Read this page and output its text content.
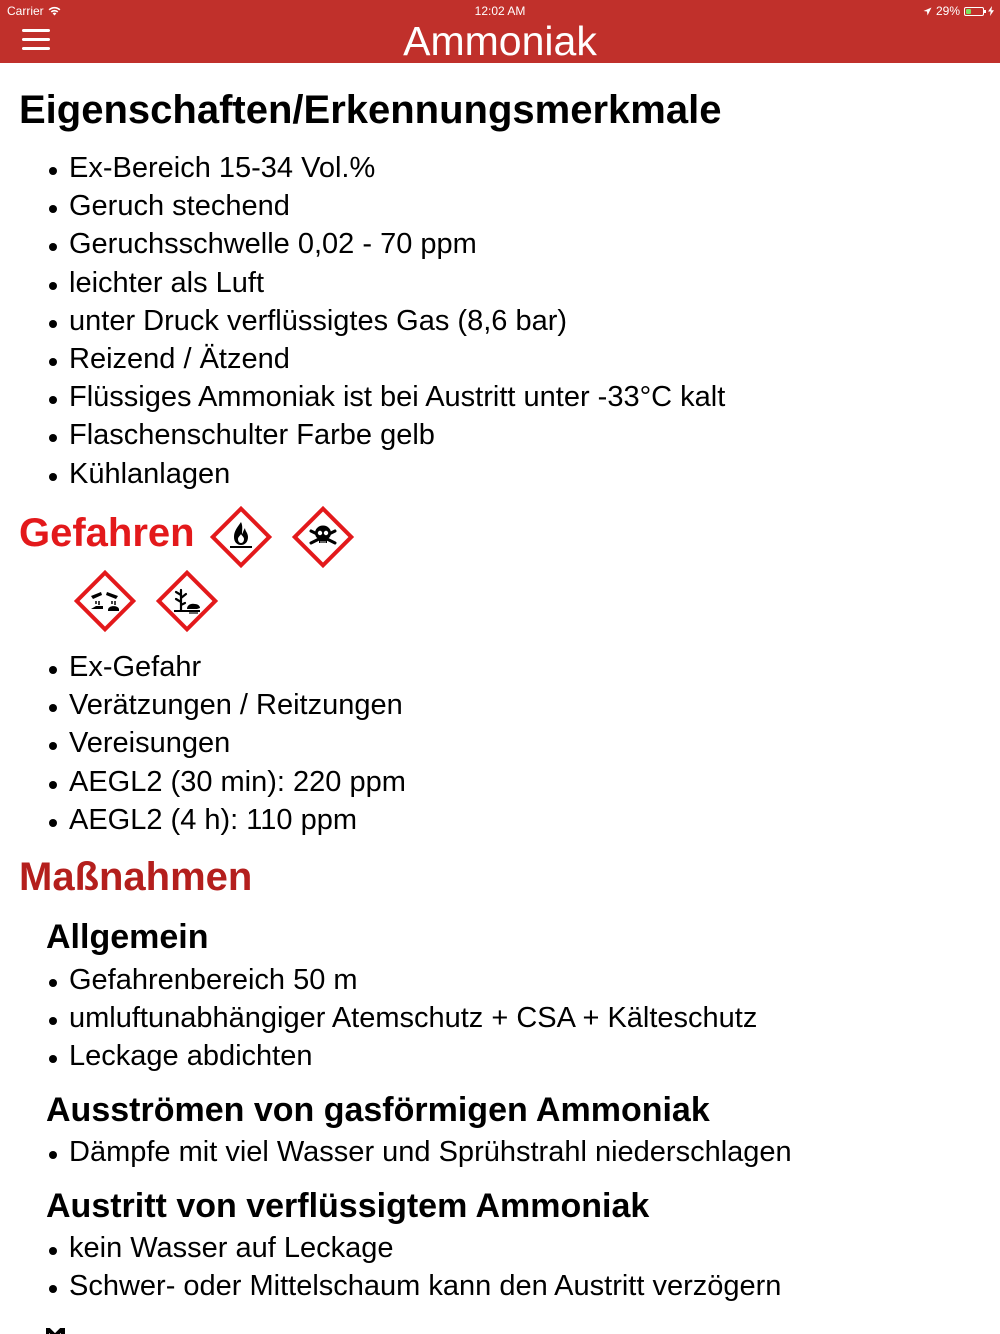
Carrier	12:02 AM	29%
Ammoniak
Eigenschaften/Erkennungsmerkmale
Ex-Bereich 15-34 Vol.%
Geruch stechend
Geruchsschwelle 0,02 - 70 ppm
leichter als Luft
unter Druck verflüssigtes Gas (8,6 bar)
Reizend / Ätzend
Flüssiges Ammoniak ist bei Austritt unter -33°C kalt
Flaschenschulter Farbe gelb
Kühlanlagen
Gefahren
Ex-Gefahr
Verätzungen / Reitzungen
Vereisungen
AEGL2 (30 min): 220 ppm
AEGL2 (4 h): 110 ppm
Maßnahmen
Allgemein
Gefahrenbereich 50 m
umluftunabhängiger Atemschutz + CSA + Kälteschutz
Leckage abdichten
Ausströmen von gasförmigen Ammoniak
Dämpfe mit viel Wasser und Sprühstrahl niederschlagen
Austritt von verflüssigtem Ammoniak
kein Wasser auf Leckage
Schwer- oder Mittelschaum kann den Austritt verzögern
